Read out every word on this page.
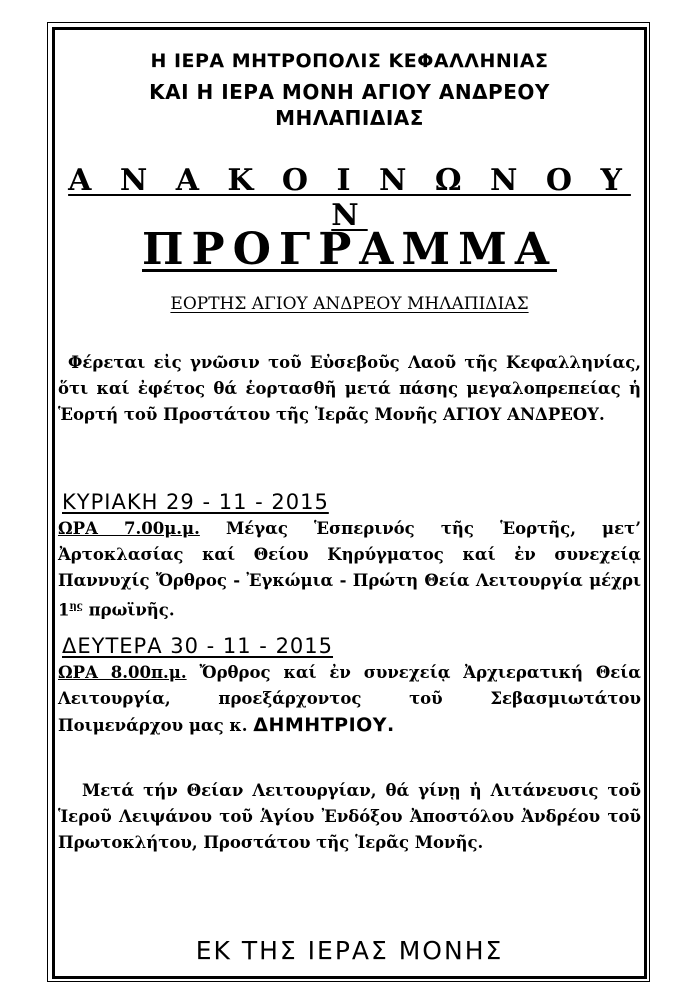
Η ΙΕΡΑ ΜΗΤΡΟΠΟΛΙΣ ΚΕΦΑΛΛΗΝΙΑΣ
ΚΑΙ Η ΙΕΡΑ ΜΟΝΗ ΑΓΙΟΥ ΑΝΔΡΕΟΥ
ΜΗΛΑΠΙΔΙΑΣ
Α Ν Α Κ Ο Ι Ν Ω Ν Ο Υ Ν
ΠΡΟΓΡΑΜΜΑ
ΕΟΡΤΗΣ ΑΓΙΟΥ ΑΝΔΡΕΟΥ ΜΗΛΑΠΙΔΙΑΣ
Φέρεται εἰς γνῶσιν τοῦ Εὐσεβοῦς Λαοῦ τῆς Κεφαλληνίας, ὅτι καί ἐφέτος θά ἑορτασθῆ μετά πάσης μεγαλοπρεπείας ἡ Ἑορτή τοῦ Προστάτου τῆς Ἱερᾶς Μονῆς ΑΓΙΟΥ ΑΝΔΡΕΟΥ.
ΚΥΡΙΑΚΗ 29 - 11 - 2015
ΩΡΑ 7.00μ.μ. Μέγας Ἑσπερινός τῆς Ἑορτῆς, μετ’ Ἀρτοκλασίας καί Θείου Κηρύγματος καί ἐν συνεχείᾳ Παννυχίς Ὄρθρος - Ἐγκώμια - Πρώτη Θεία Λειτουργία μέχρι $1^{\eta\varsigma}$ πρωϊνῆς.
ΔΕΥΤΕΡΑ 30 - 11 - 2015
ΩΡΑ 8.00π.μ. Ὄρθρος καί ἐν συνεχείᾳ Ἀρχιερατική Θεία Λειτουργία, προεξάρχοντος τοῦ Σεβασμιωτάτου Ποιμενάρχου μας κ. ΔΗΜΗΤΡΙΟΥ.
Μετά τήν Θείαν Λειτουργίαν, θά γίνῃ ἡ Λιτάνευσις τοῦ Ἱεροῦ Λειψάνου τοῦ Ἁγίου Ἐνδόξου Ἀποστόλου Ἀνδρέου τοῦ Πρωτοκλήτου, Προστάτου τῆς Ἱερᾶς Μονῆς.
ΕΚ ΤΗΣ ΙΕΡΑΣ ΜΟΝΗΣ
